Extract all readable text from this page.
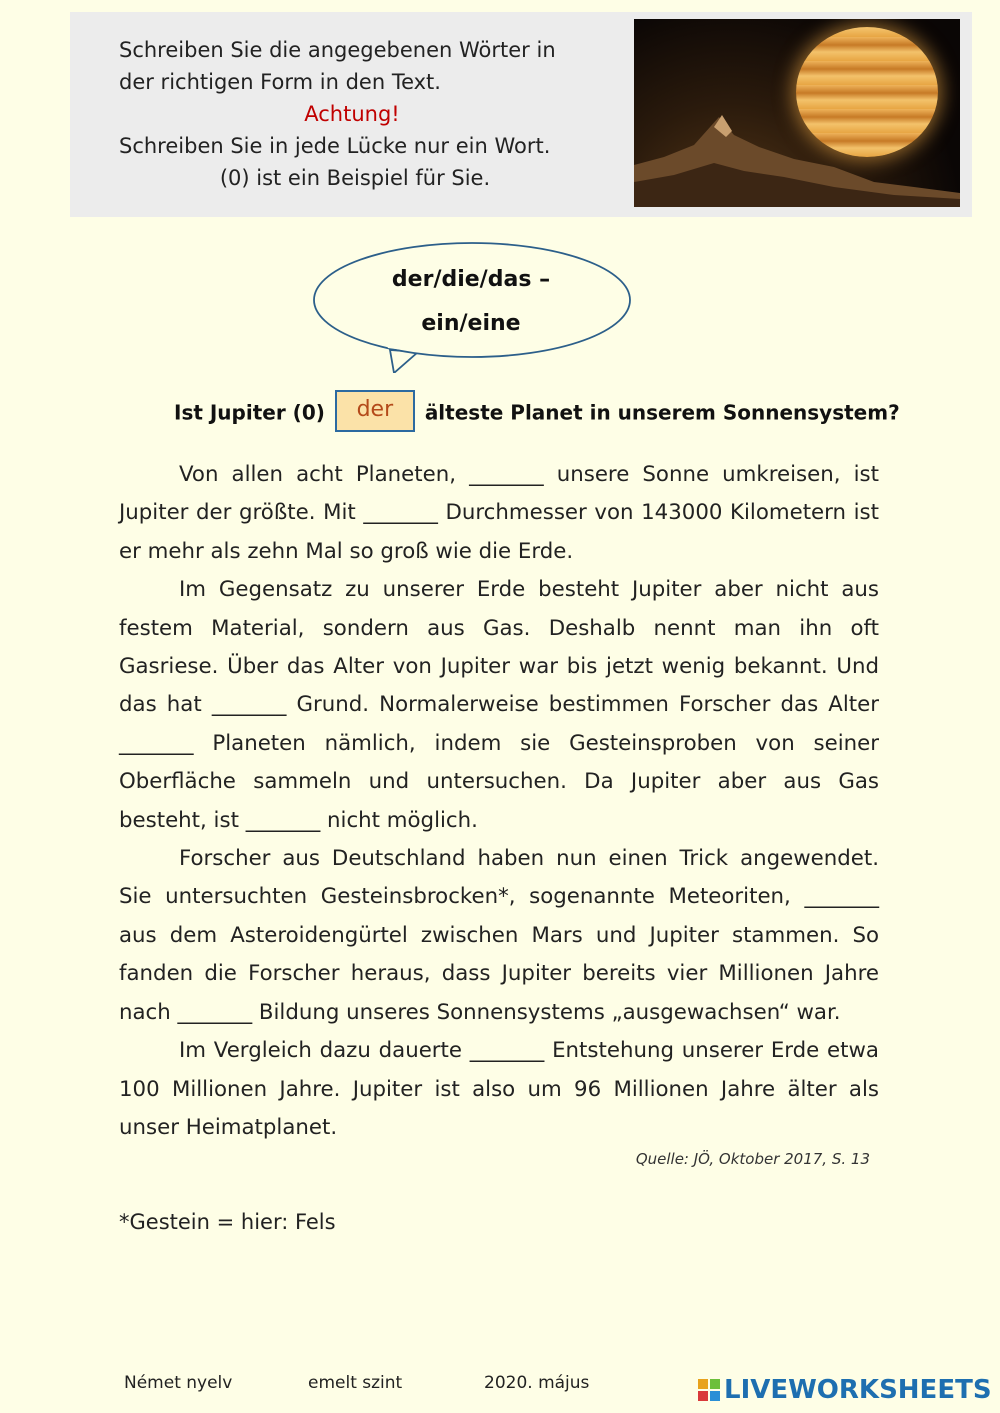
Schreiben Sie die angegebenen Wörter in
der richtigen Form in den Text.
Achtung!
Schreiben Sie in jede Lücke nur ein Wort.
(0) ist ein Beispiel für Sie.
der/die/das –
ein/eine
Ist Jupiter (0) der älteste Planet in unserem Sonnensystem?

Von allen acht Planeten, _______ unsere Sonne umkreisen, ist Jupiter der größte. Mit _______ Durchmesser von 143000 Kilometern ist er mehr als zehn Mal so groß wie die Erde.

Im Gegensatz zu unserer Erde besteht Jupiter aber nicht aus festem Material, sondern aus Gas. Deshalb nennt man ihn oft Gasriese. Über das Alter von Jupiter war bis jetzt wenig bekannt. Und das hat _______ Grund. Normalerweise bestimmen Forscher das Alter _______ Planeten nämlich, indem sie Gesteinsproben von seiner Oberfläche sammeln und untersuchen. Da Jupiter aber aus Gas besteht, ist _______ nicht möglich.

Forscher aus Deutschland haben nun einen Trick angewendet. Sie untersuchten Gesteinsbrocken*, sogenannte Meteoriten, _______ aus dem Asteroidengürtel zwischen Mars und Jupiter stammen. So fanden die Forscher heraus, dass Jupiter bereits vier Millionen Jahre nach _______ Bildung unseres Sonnensystems „ausgewachsen“ war.

Im Vergleich dazu dauerte _______ Entstehung unserer Erde etwa 100 Millionen Jahre. Jupiter ist also um 96 Millionen Jahre älter als unser Heimatplanet.

Quelle: JÖ, Oktober 2017, S. 13
*Gestein = hier: Fels
Német nyelv	emelt szint	2020. május	LIVEWORKSHEETS
